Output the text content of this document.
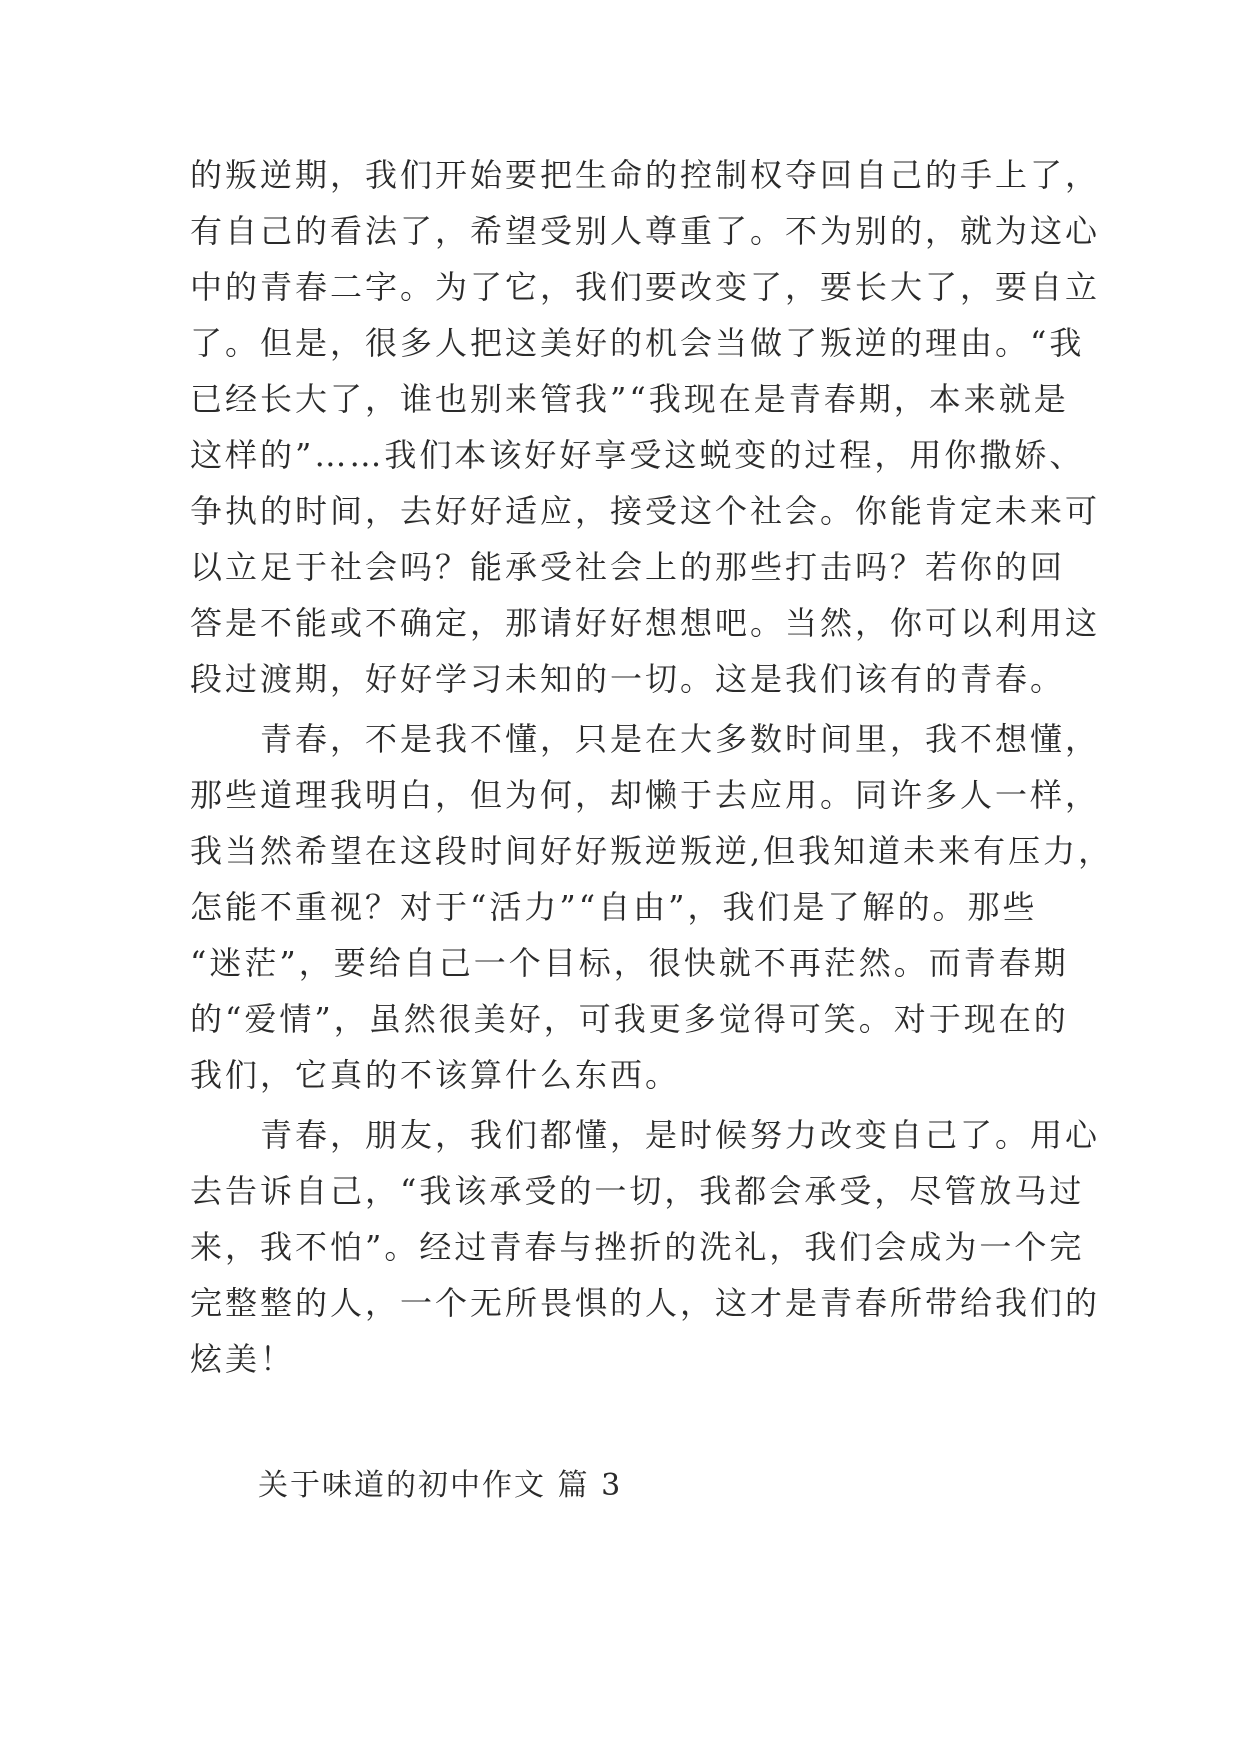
的叛逆期，我们开始要把生命的控制权夺回自己的手上了，
有自己的看法了，希望受别人尊重了。不为别的，就为这心
中的青春二字。为了它，我们要改变了，要长大了，要自立
了。但是，很多人把这美好的机会当做了叛逆的理由。“我
已经长大了，谁也别来管我”“我现在是青春期，本来就是
这样的”……我们本该好好享受这蜕变的过程，用你撒娇、
争执的时间，去好好适应，接受这个社会。你能肯定未来可
以立足于社会吗？能承受社会上的那些打击吗？若你的回
答是不能或不确定，那请好好想想吧。当然，你可以利用这
段过渡期，好好学习未知的一切。这是我们该有的青春。
青春，不是我不懂，只是在大多数时间里，我不想懂，
那些道理我明白，但为何，却懒于去应用。同许多人一样，
我当然希望在这段时间好好叛逆叛逆,但我知道未来有压力，
怎能不重视？对于“活力”“自由”，我们是了解的。那些
“迷茫”，要给自己一个目标，很快就不再茫然。而青春期
的“爱情”，虽然很美好，可我更多觉得可笑。对于现在的
我们，它真的不该算什么东西。
青春，朋友，我们都懂，是时候努力改变自己了。用心
去告诉自己，“我该承受的一切，我都会承受，尽管放马过
来，我不怕”。经过青春与挫折的洗礼，我们会成为一个完
完整整的人，一个无所畏惧的人，这才是青春所带给我们的
炫美！
关于味道的初中作文 篇 3
